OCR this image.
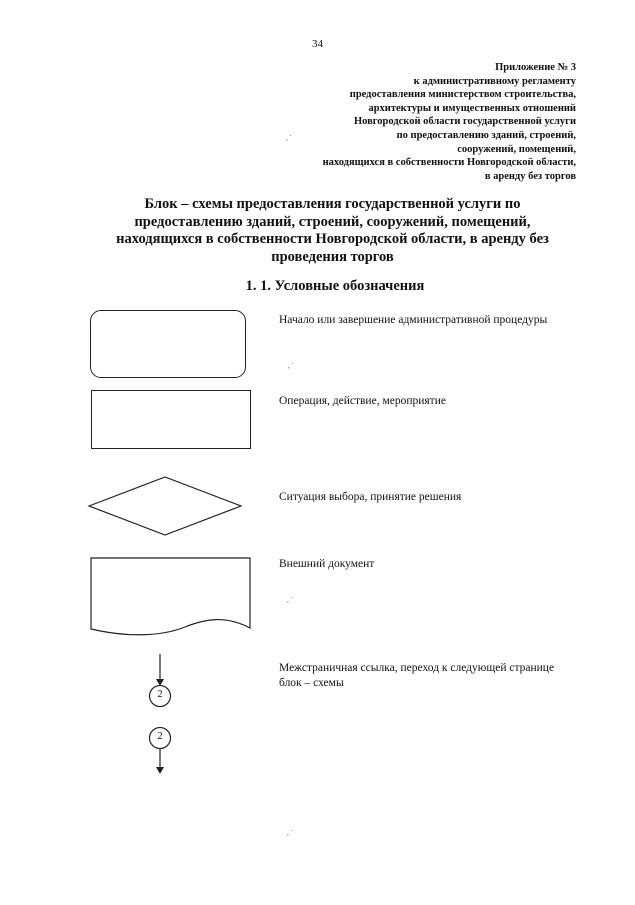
34
Приложение № 3
к административному регламенту
предоставления министерством строительства,
архитектуры и имущественных отношений
Новгородской области государственной услуги
по предоставлению зданий, строений,
сооружений, помещений,
находящихся в собственности Новгородской области,
в аренду без торгов
, `
Блок – схемы предоставления государственной услуги по
предоставлению зданий, строений, сооружений, помещений,
находящихся в собственности Новгородской области, в аренду без
проведения торгов
1. 1. Условные обозначения
Начало или завершение административной процедуры
, `
Операция, действие, мероприятие
Ситуация выбора, принятие решения
Внешний документ
, `
2
2
Межстраничная ссылка, переход к следующей странице
блок – схемы
, `
